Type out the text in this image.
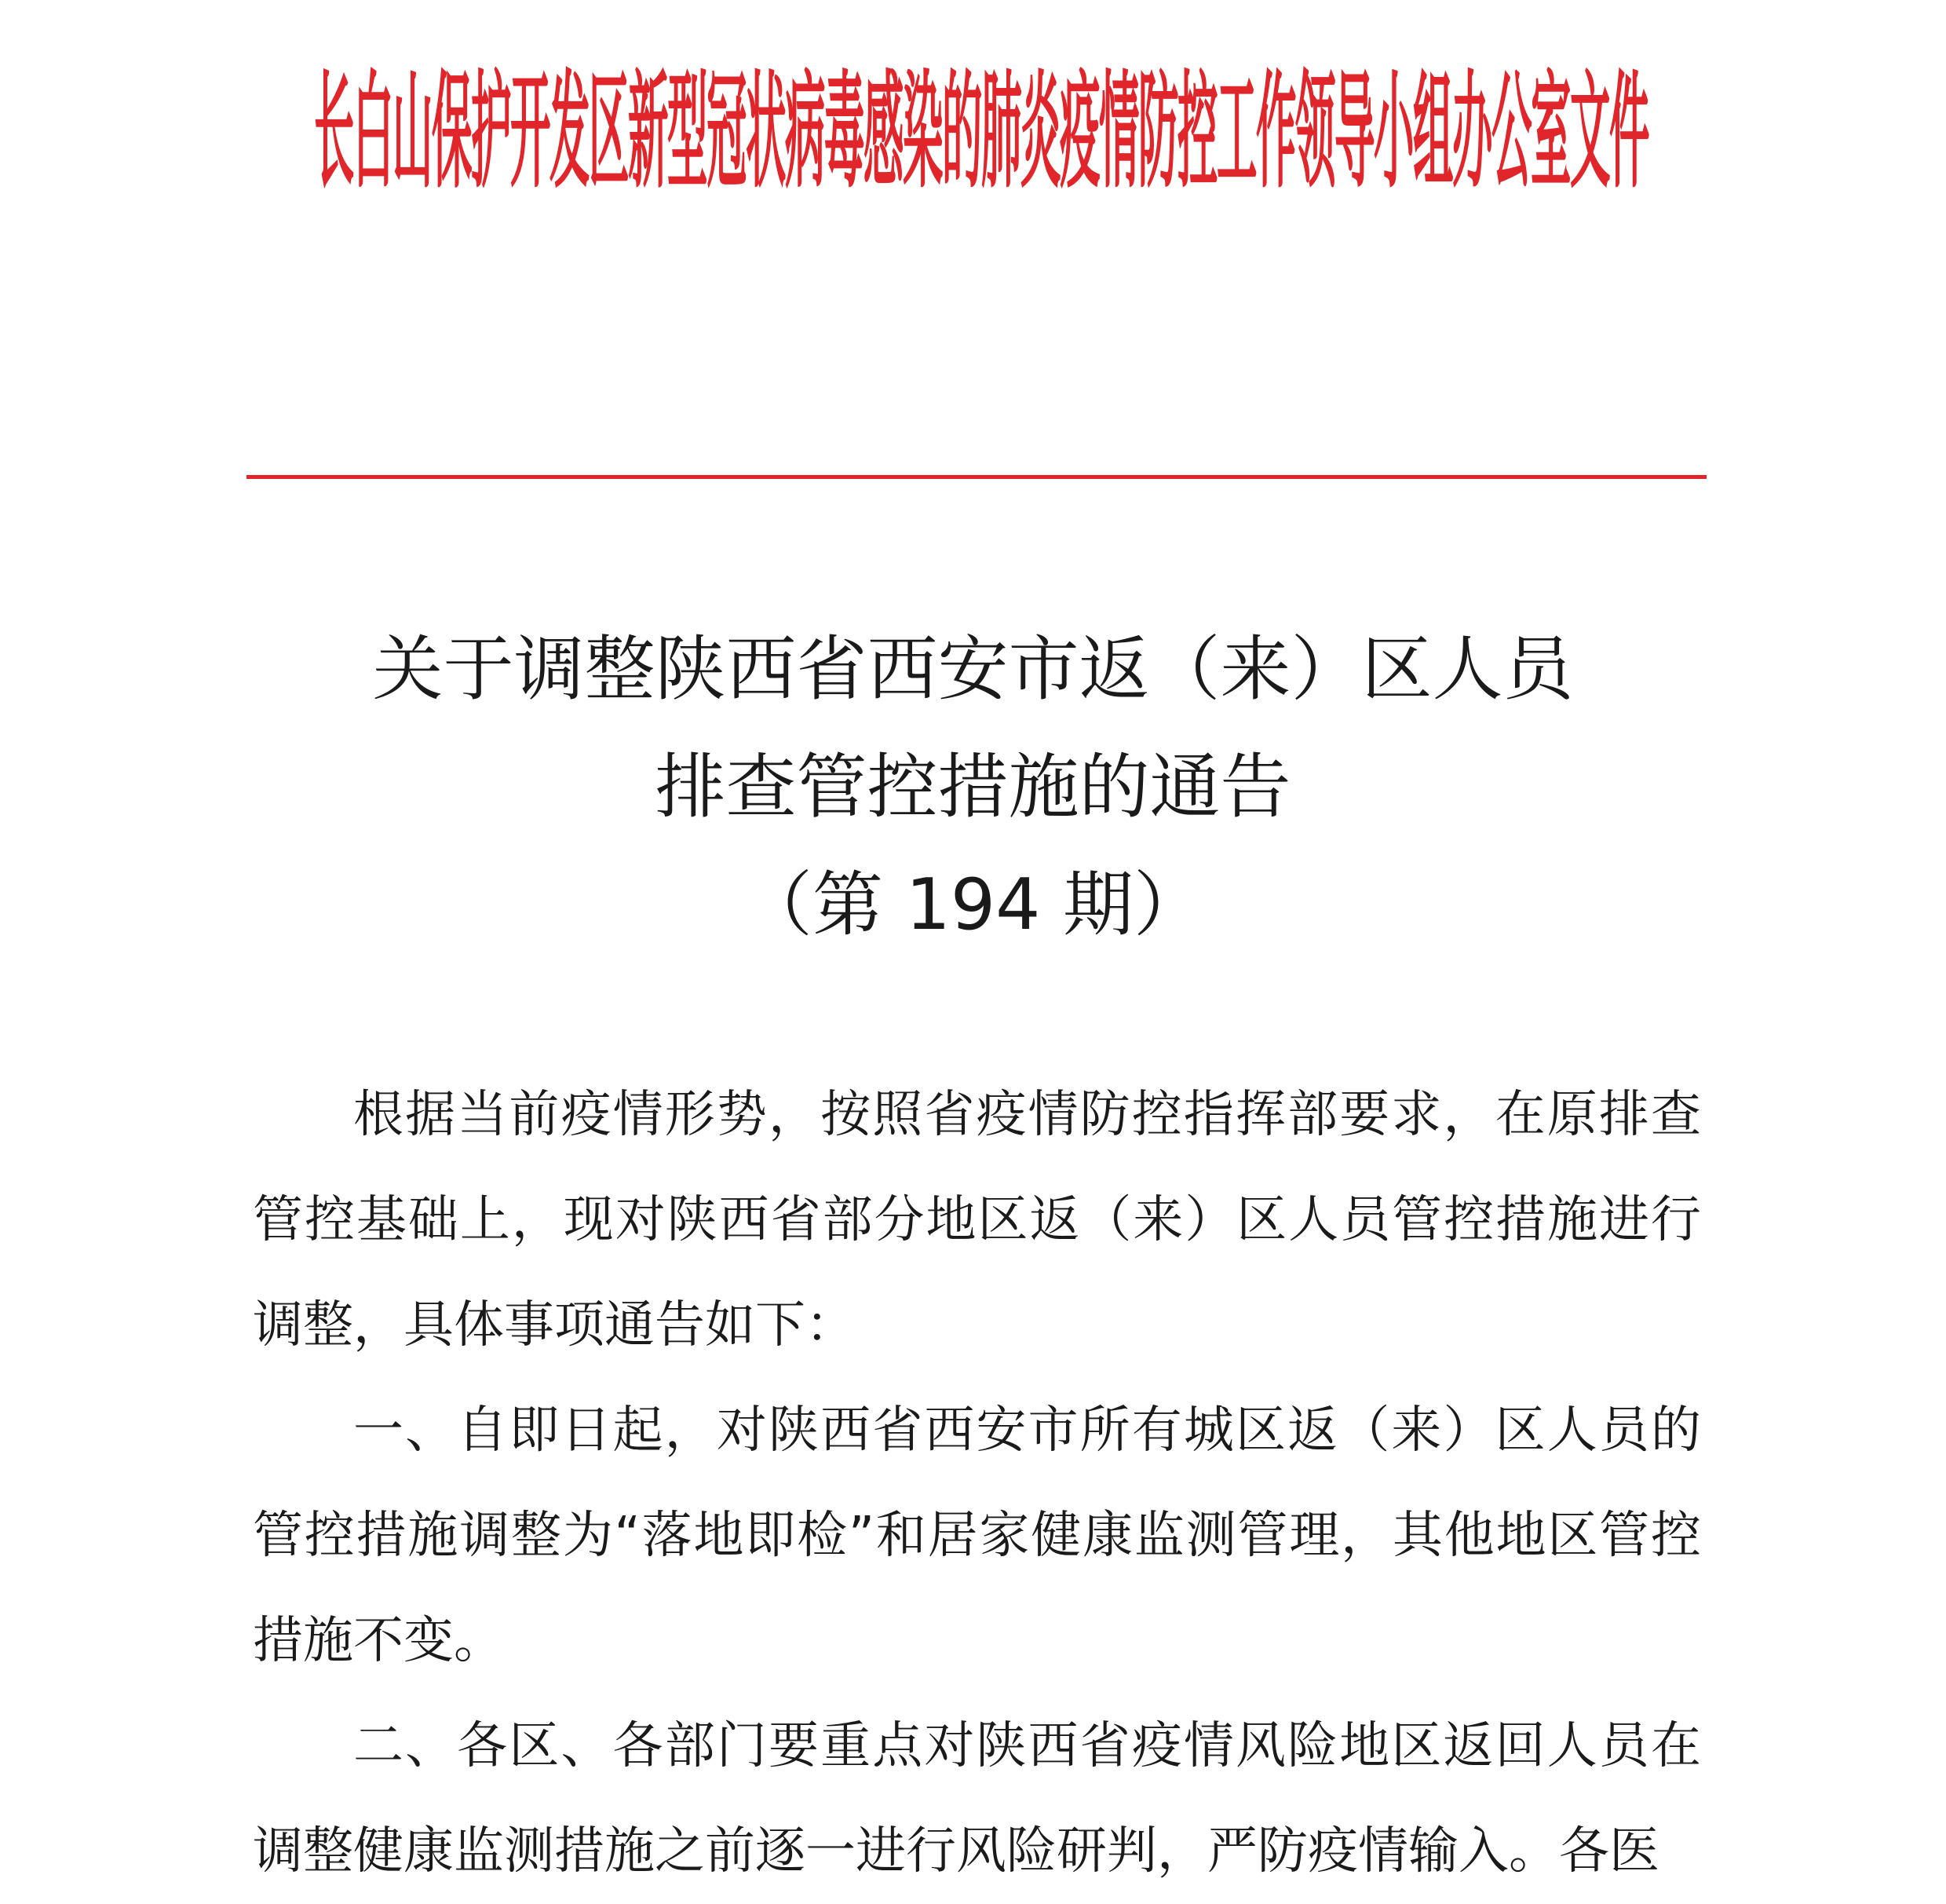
长白山保护开发区新型冠状病毒感染的肺炎疫情防控工作领导小组办公室文件
关于调整陕西省西安市返（来）区人员
排查管控措施的通告
（第 194 期）

根据当前疫情形势，按照省疫情防控指挥部要求，在原排查管控基础上，现对陕西省部分地区返（来）区人员管控措施进行调整，具体事项通告如下：

一、自即日起，对陕西省西安市所有城区返（来）区人员的管控措施调整为“落地即检”和居家健康监测管理，其他地区管控措施不变。

二、各区、各部门要重点对陕西省疫情风险地区返回人员在调整健康监测措施之前逐一进行风险研判，严防疫情输入。各医
